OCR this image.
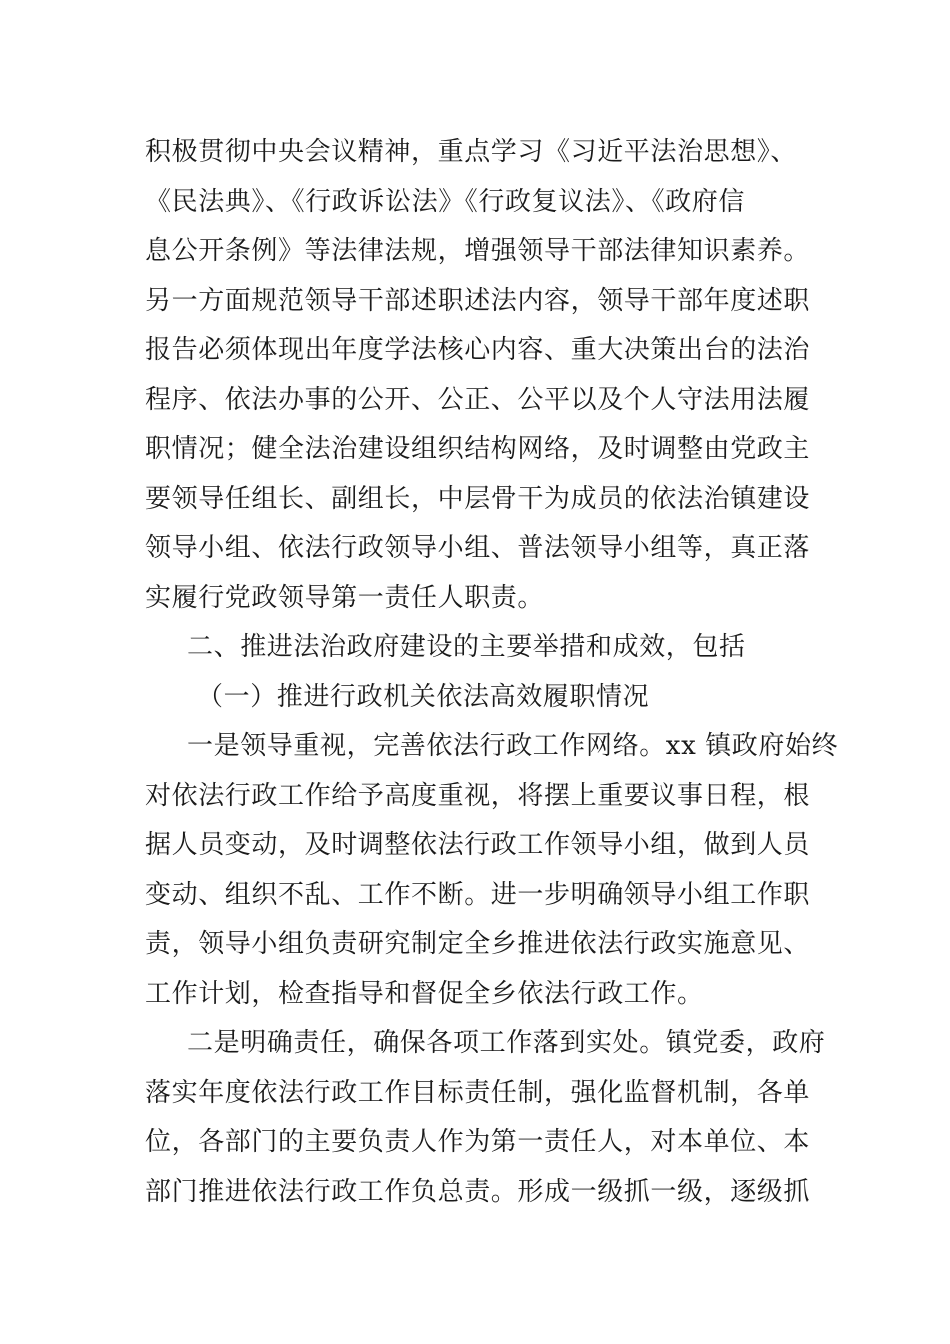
积极贯彻中央会议精神，重点学习《习近平法治思想》、
《民法典》、《行政诉讼法》《行政复议法》、《政府信
息公开条例》等法律法规，增强领导干部法律知识素养。
另一方面规范领导干部述职述法内容，领导干部年度述职
报告必须体现出年度学法核心内容、重大决策出台的法治
程序、依法办事的公开、公正、公平以及个人守法用法履
职情况；健全法治建设组织结构网络，及时调整由党政主
要领导任组长、副组长，中层骨干为成员的依法治镇建设
领导小组、依法行政领导小组、普法领导小组等，真正落
实履行党政领导第一责任人职责。
二、推进法治政府建设的主要举措和成效，包括
（一）推进行政机关依法高效履职情况
一是领导重视，完善依法行政工作网络。xx 镇政府始终
对依法行政工作给予高度重视，将摆上重要议事日程，根
据人员变动，及时调整依法行政工作领导小组，做到人员
变动、组织不乱、工作不断。进一步明确领导小组工作职
责，领导小组负责研究制定全乡推进依法行政实施意见、
工作计划，检查指导和督促全乡依法行政工作。
二是明确责任，确保各项工作落到实处。镇党委，政府
落实年度依法行政工作目标责任制，强化监督机制，各单
位，各部门的主要负责人作为第一责任人，对本单位、本
部门推进依法行政工作负总责。形成一级抓一级，逐级抓
